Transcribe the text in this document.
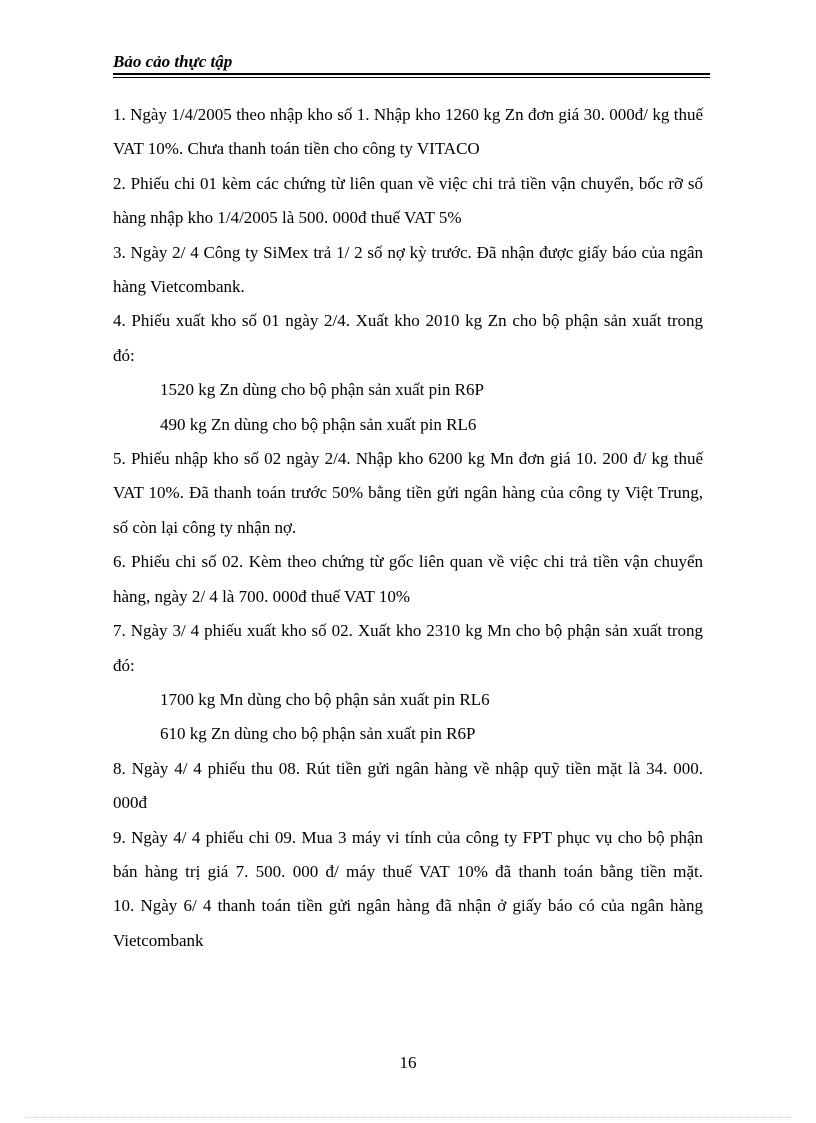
Bảo cảo thực tập

1. Ngày 1/4/2005 theo nhập kho số 1. Nhập kho 1260 kg Zn đơn giá 30. 000đ/ kg thuế VAT 10%. Chưa thanh toán tiền cho công ty VITACO

2. Phiếu chi 01 kèm các chứng từ liên quan về việc chi trả tiền vận chuyển, bốc rỡ số hàng nhập kho 1/4/2005 là 500. 000đ thuế VAT 5%

3. Ngày 2/ 4 Công ty SiMex trả 1/ 2 số nợ kỳ trước. Đã nhận được giấy báo của ngân hàng Vietcombank.

4. Phiếu xuất kho số 01 ngày 2/4. Xuất kho 2010 kg Zn cho bộ phận sản xuất trong đó:

1520 kg Zn dùng cho bộ phận sản xuất pin R6P

490 kg Zn dùng cho bộ phận sản xuất pin RL6

5. Phiếu nhập kho số 02 ngày 2/4. Nhập kho 6200 kg Mn đơn giá 10. 200 đ/ kg thuế VAT 10%. Đã thanh toán trước 50% bằng tiền gửi ngân hàng của công ty Việt Trung, số còn lại công ty nhận nợ.

6. Phiếu chi số 02. Kèm theo chứng từ gốc liên quan về việc chi trả tiền vận chuyển hàng, ngày 2/ 4 là 700. 000đ thuế VAT 10%

7. Ngày 3/ 4 phiếu xuất kho số 02. Xuất kho 2310 kg Mn cho bộ phận sản xuất trong đó:

1700 kg Mn dùng cho bộ phận sản xuất pin RL6

610 kg Zn dùng cho bộ phận sản xuất pin R6P

8. Ngày 4/ 4 phiếu thu 08. Rút tiền gửi ngân hàng về nhập quỹ tiền mặt là 34. 000. 000đ

9. Ngày 4/ 4 phiếu chi 09. Mua 3 máy vi tính của công ty FPT phục vụ cho bộ phận bán hàng trị giá 7. 500. 000 đ/ máy thuế VAT 10% đã thanh toán bằng tiền mặt.

10. Ngày 6/ 4 thanh toán tiền gửi ngân hàng đã nhận ở giấy báo có của ngân hàng Vietcombank

16
